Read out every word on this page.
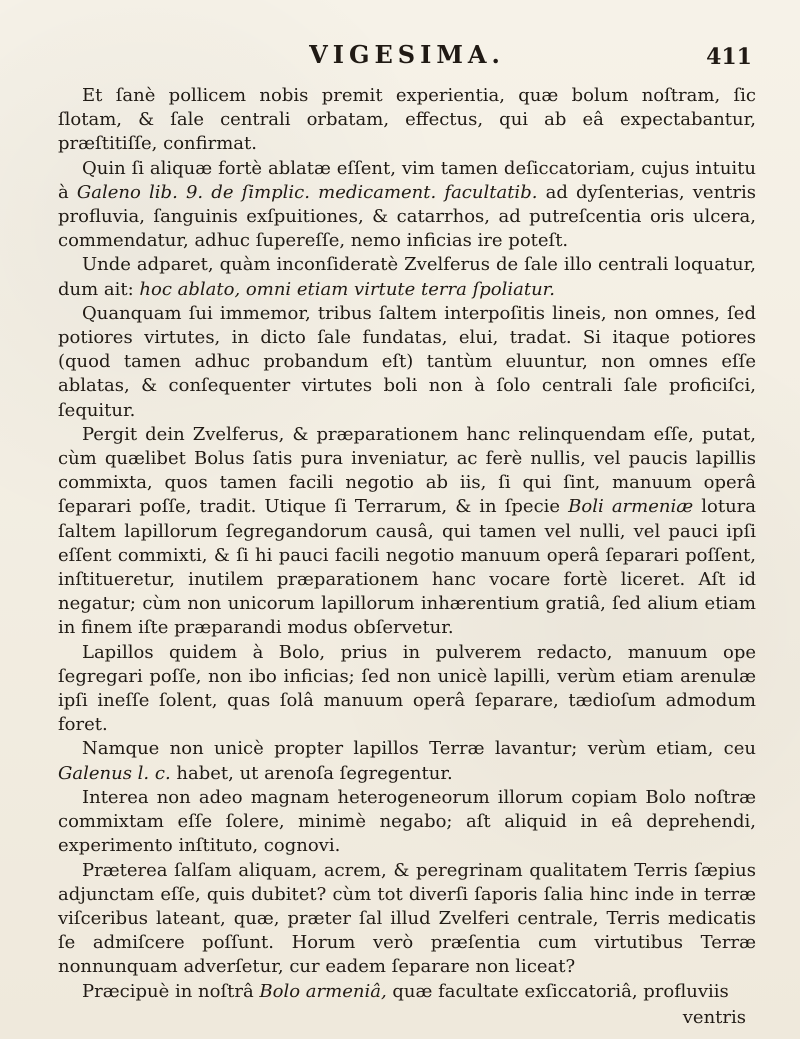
VIGESIMA.	411

Et ſanè pollicem nobis premit experientia, quæ bolum noſtram, ſic ſlotam, & ſale centrali orbatam, effectus, qui ab eâ expectabantur, præſtitiſſe, confirmat.

Quin ſi aliquæ fortè ablatæ eſſent, vim tamen deſiccatoriam, cujus intuitu à Galeno lib. 9. de ſimplic. medicament. facultatib. ad dyſenterias, ventris profluvia, ſanguinis exſpuitiones, & catarrhos, ad putreſcentia oris ulcera, commendatur, adhuc ſupereſſe, nemo inficias ire poteſt.

Unde adparet, quàm inconſideratè Zvelferus de ſale illo centrali loquatur, dum ait: hoc ablato, omni etiam virtute terra ſpoliatur.

Quanquam ſui immemor, tribus ſaltem interpoſitis lineis, non omnes, ſed potiores virtutes, in dicto ſale fundatas, elui, tradat. Si itaque potiores (quod tamen adhuc probandum eſt) tantùm eluuntur, non omnes eſſe ablatas, & conſequenter virtutes boli non à ſolo centrali ſale proficiſci, ſequitur.

Pergit dein Zvelferus, & præparationem hanc relinquendam eſſe, putat, cùm quælibet Bolus ſatis pura inveniatur, ac ferè nullis, vel paucis lapillis commixta, quos tamen facili negotio ab iis, ſi qui ſint, manuum operâ ſeparari poſſe, tradit. Utique ſi Terrarum, & in ſpecie Boli armeniæ lotura ſaltem lapillorum ſegregandorum causâ, qui tamen vel nulli, vel pauci ipſi eſſent commixti, & ſi hi pauci facili negotio manuum operâ ſeparari poſſent, inſtitueretur, inutilem præparationem hanc vocare fortè liceret. Aſt id negatur; cùm non unicorum lapillorum inhærentium gratiâ, ſed alium etiam in finem iſte præparandi modus obſervetur.

Lapillos quidem à Bolo, prius in pulverem redacto, manuum ope ſegregari poſſe, non ibo inficias; ſed non unicè lapilli, verùm etiam arenulæ ipſi ineſſe ſolent, quas ſolâ manuum operâ ſeparare, tædioſum admodum foret.

Namque non unicè propter lapillos Terræ lavantur; verùm etiam, ceu Galenus l. c. habet, ut arenoſa ſegregentur.

Interea non adeo magnam heterogeneorum illorum copiam Bolo noſtræ commixtam eſſe ſolere, minimè negabo; aſt aliquid in eâ deprehendi, experimento inſtituto, cognovi.

Præterea ſalſam aliquam, acrem, & peregrinam qualitatem Terris ſæpius adjunctam eſſe, quis dubitet? cùm tot diverſi ſaporis ſalia hinc inde in terræ viſceribus lateant, quæ, præter ſal illud Zvelferi centrale, Terris medicatis ſe admiſcere poſſunt. Horum verò præſentia cum virtutibus Terræ nonnunquam adverſetur, cur eadem ſeparare non liceat?

Præcipuè in noſtrâ Bolo armeniâ, quæ facultate exſiccatoriâ, profluviis

ventris
